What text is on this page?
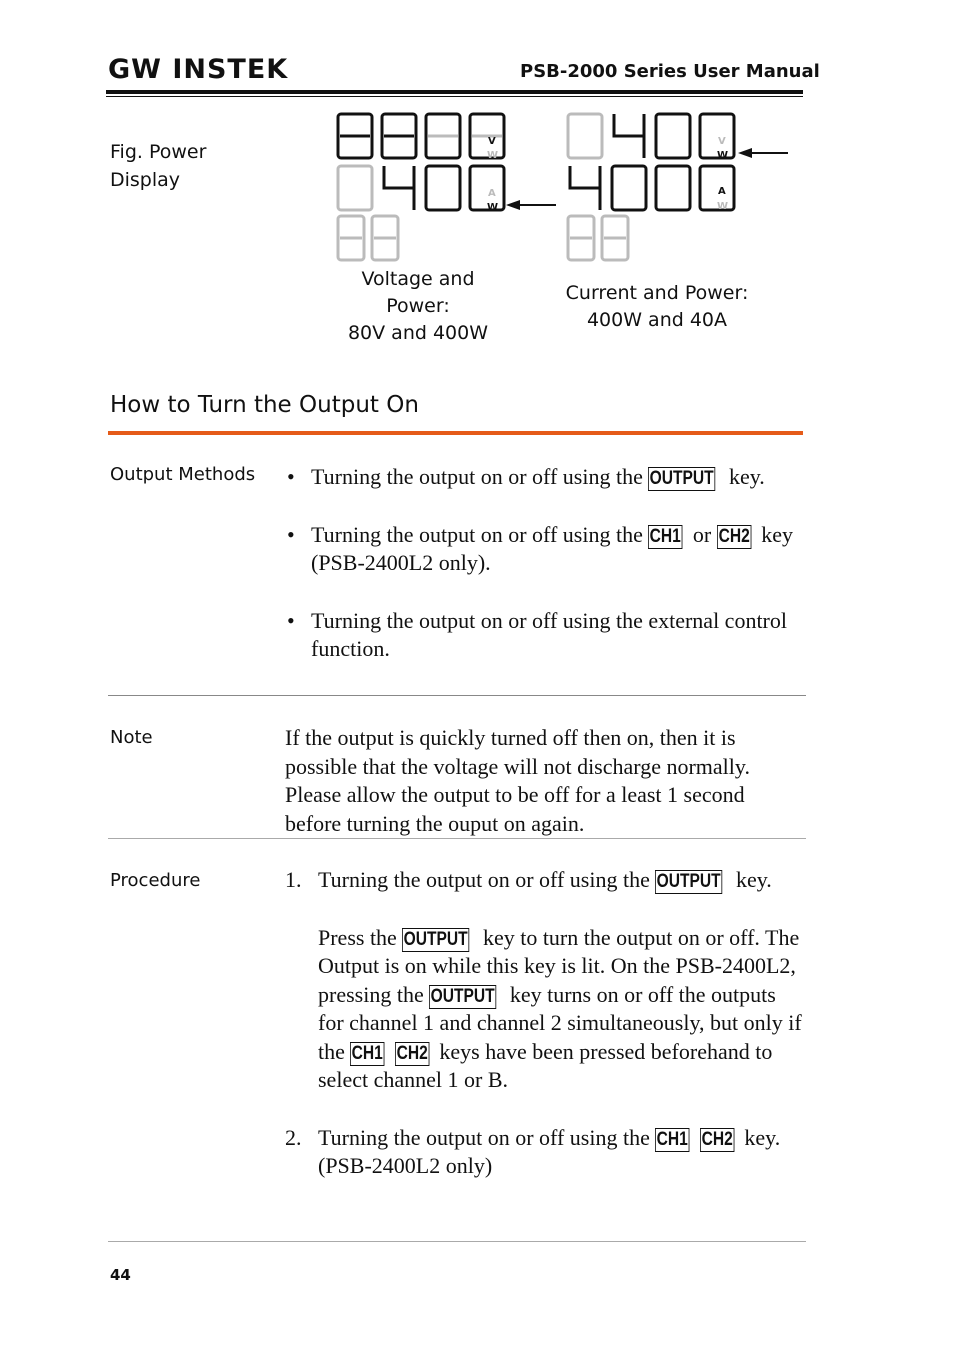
GW INSTEK	PSB-2000 Series User Manual
Fig. Power Display
V
W
A
W
V
W
A
W
Voltage and
Power:
80V and 400W
Current and Power:
400W and 40A
How to Turn the Output On
Output Methods
•	Turning the output on or off using the OUTPUT key.
• Turning the output on or off using the CH1 or CH2 key (PSB-2400L2 only).
• Turning the output on or off using the external control function.
Note	If the output is quickly turned off then on, then it is possible that the voltage will not discharge normally. Please allow the output to be off for a least 1 second before turning the ouput on again.
Procedure	1. Turning the output on or off using the OUTPUT key.
Press the OUTPUT key to turn the output on or off. The Output is on while this key is lit. On the PSB-2400L2, pressing the OUTPUT key turns on or off the outputs for channel 1 and channel 2 simultaneously, but only if the CH1 CH2 keys have been pressed beforehand to select channel 1 or B.
2. Turning the output on or off using the CH1 CH2 key. (PSB-2400L2 only)
44
